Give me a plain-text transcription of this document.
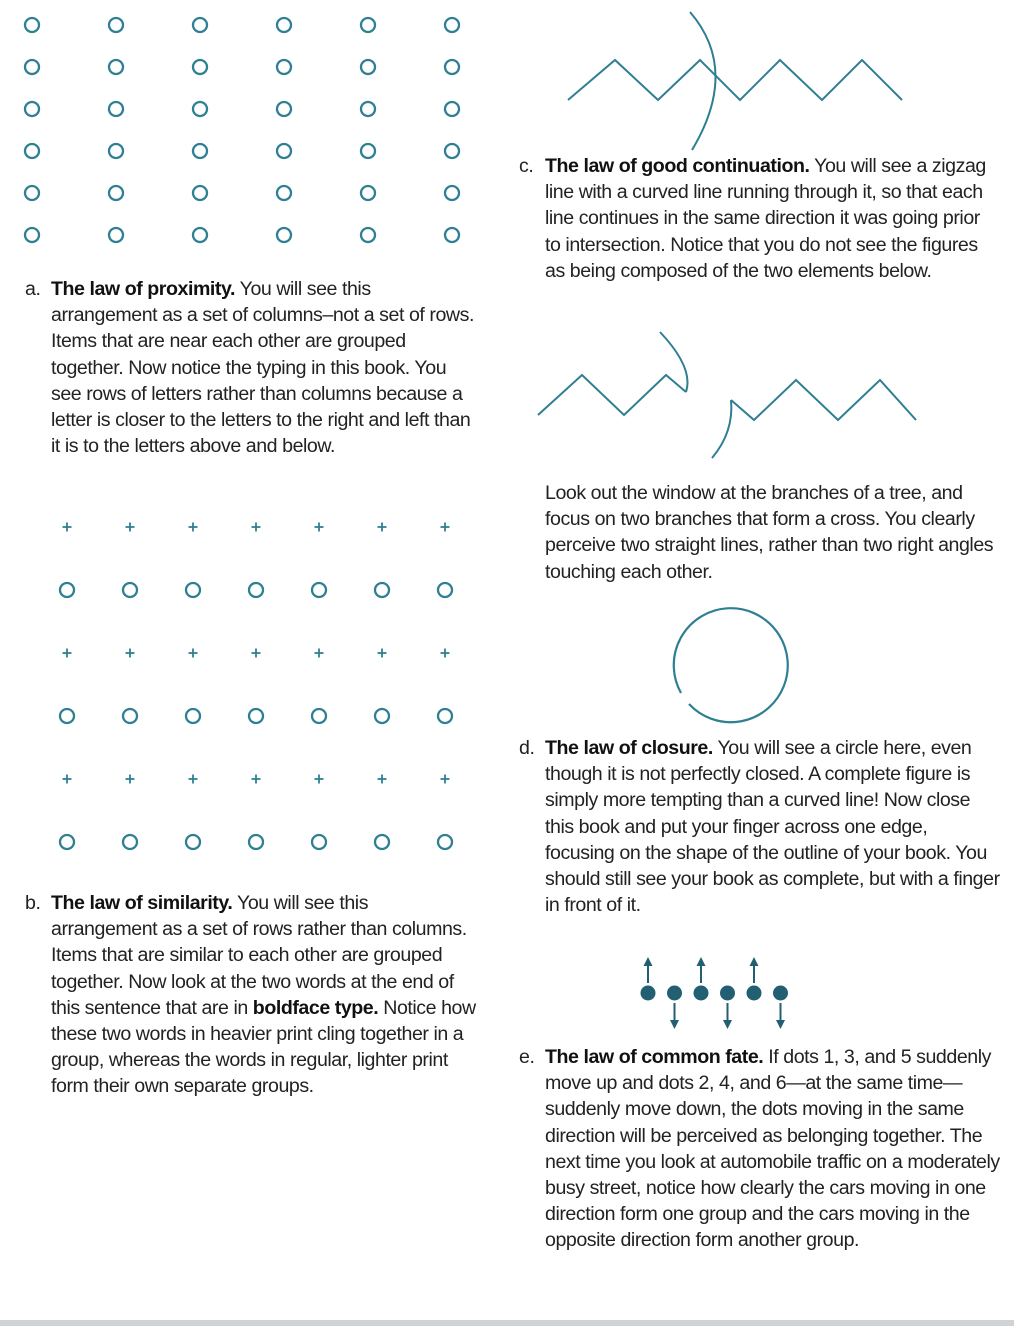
a. The law of proximity. You will see this arrangement as a set of columns–not a set of rows. Items that are near each other are grouped together. Now notice the typing in this book. You see rows of letters rather than columns because a letter is closer to the letters to the right and left than it is to the letters above and below.

b. The law of similarity. You will see this arrangement as a set of rows rather than columns. Items that are similar to each other are grouped together. Now look at the two words at the end of this sentence that are in boldface type. Notice how these two words in heavier print cling together in a group, whereas the words in regular, lighter print form their own separate groups.

c. The law of good continuation. You will see a zigzag line with a curved line running through it, so that each line continues in the same direction it was going prior to intersection. Notice that you do not see the figures as being composed of the two elements below.

Look out the window at the branches of a tree, and focus on two branches that form a cross. You clearly perceive two straight lines, rather than two right angles touching each other.

d. The law of closure. You will see a circle here, even though it is not perfectly closed. A complete figure is simply more tempting than a curved line! Now close this book and put your finger across one edge, focusing on the shape of the outline of your book. You should still see your book as complete, but with a finger in front of it.

e. The law of common fate. If dots 1, 3, and 5 suddenly move up and dots 2, 4, and 6—at the same time—suddenly move down, the dots moving in the same direction will be perceived as belonging together. The next time you look at automobile traffic on a moderately busy street, notice how clearly the cars moving in one direction form one group and the cars moving in the opposite direction form another group.
